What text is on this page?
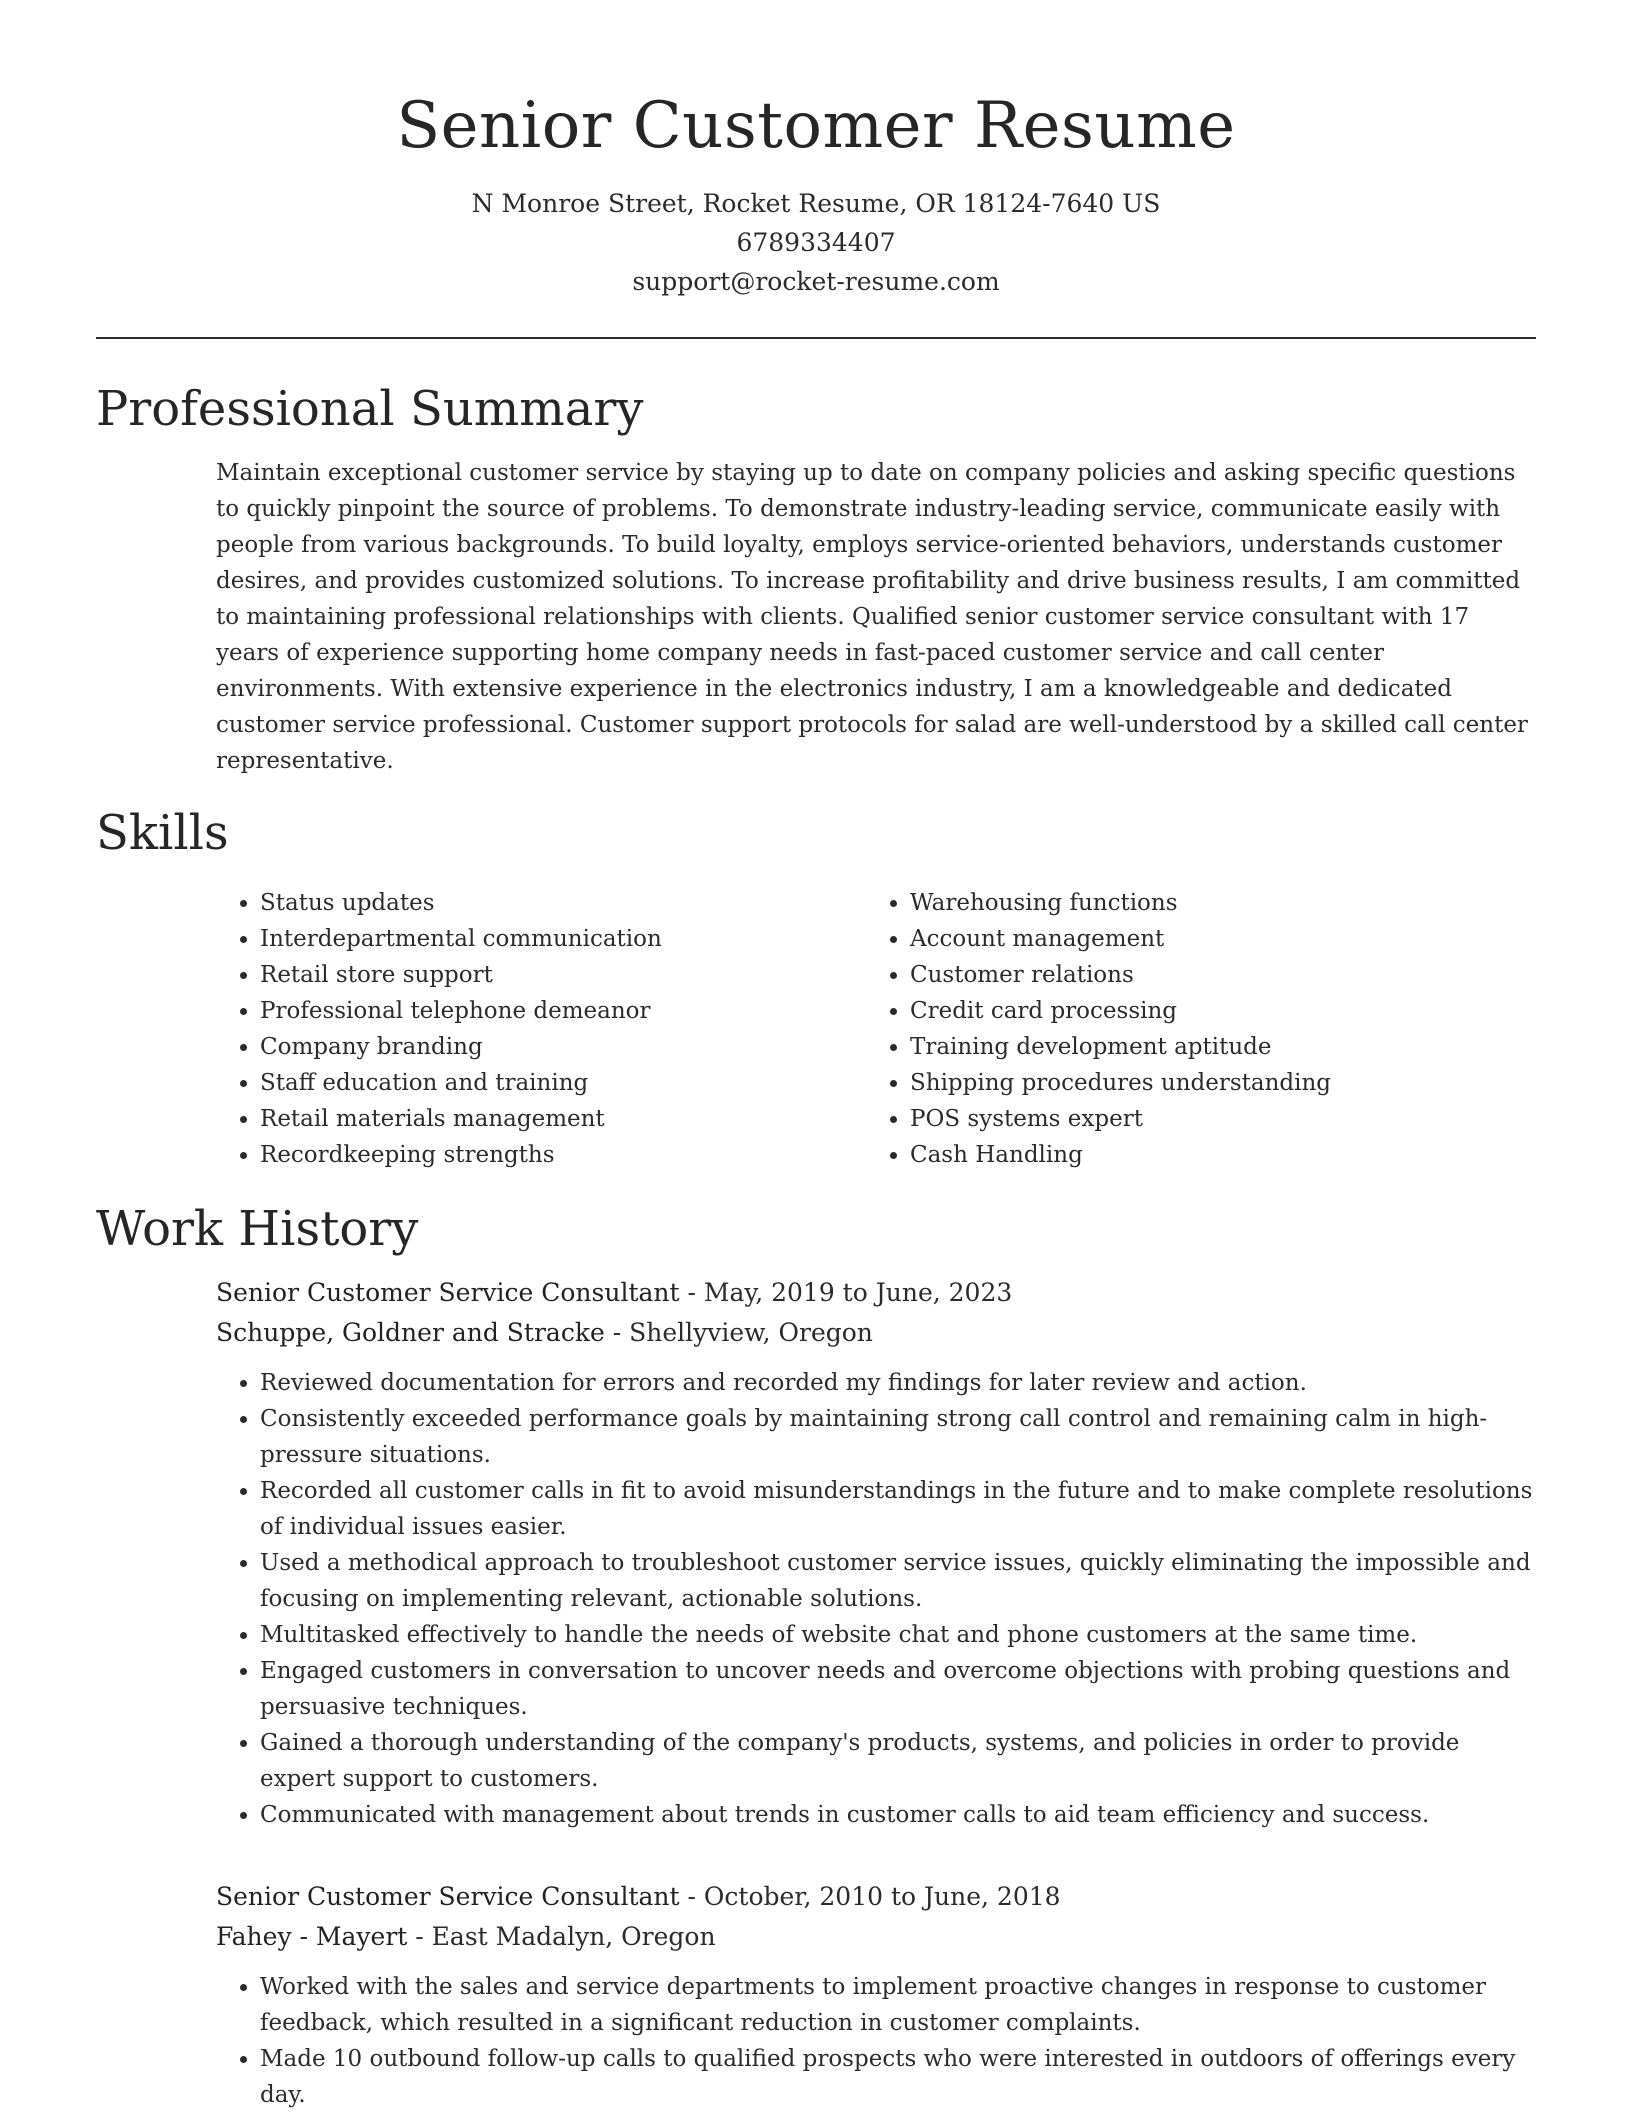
Senior Customer Resume
N Monroe Street, Rocket Resume, OR 18124-7640 US
6789334407
support@rocket-resume.com
Professional Summary

Maintain exceptional customer service by staying up to date on company policies and asking specific questions to quickly pinpoint the source of problems. To demonstrate industry-leading service, communicate easily with people from various backgrounds. To build loyalty, employs service-oriented behaviors, understands customer desires, and provides customized solutions. To increase profitability and drive business results, I am committed to maintaining professional relationships with clients. Qualified senior customer service consultant with 17 years of experience supporting home company needs in fast-paced customer service and call center environments. With extensive experience in the electronics industry, I am a knowledgeable and dedicated customer service professional. Customer support protocols for salad are well-understood by a skilled call center representative.

Skills
• Status updates
• Interdepartmental communication
• Retail store support
• Professional telephone demeanor
• Company branding
• Staff education and training
• Retail materials management
• Recordkeeping strengths
• Warehousing functions
• Account management
• Customer relations
• Credit card processing
• Training development aptitude
• Shipping procedures understanding
• POS systems expert
• Cash Handling
Work History
Senior Customer Service Consultant - May, 2019 to June, 2023
Schuppe, Goldner and Stracke - Shellyview, Oregon
• Reviewed documentation for errors and recorded my findings for later review and action.
• Consistently exceeded performance goals by maintaining strong call control and remaining calm in high-pressure situations.
• Recorded all customer calls in fit to avoid misunderstandings in the future and to make complete resolutions of individual issues easier.
• Used a methodical approach to troubleshoot customer service issues, quickly eliminating the impossible and focusing on implementing relevant, actionable solutions.
• Multitasked effectively to handle the needs of website chat and phone customers at the same time.
• Engaged customers in conversation to uncover needs and overcome objections with probing questions and persuasive techniques.
• Gained a thorough understanding of the company's products, systems, and policies in order to provide expert support to customers.
• Communicated with management about trends in customer calls to aid team efficiency and success.
Senior Customer Service Consultant - October, 2010 to June, 2018
Fahey - Mayert - East Madalyn, Oregon
• Worked with the sales and service departments to implement proactive changes in response to customer feedback, which resulted in a significant reduction in customer complaints.
• Made 10 outbound follow-up calls to qualified prospects who were interested in outdoors of offerings every day.
